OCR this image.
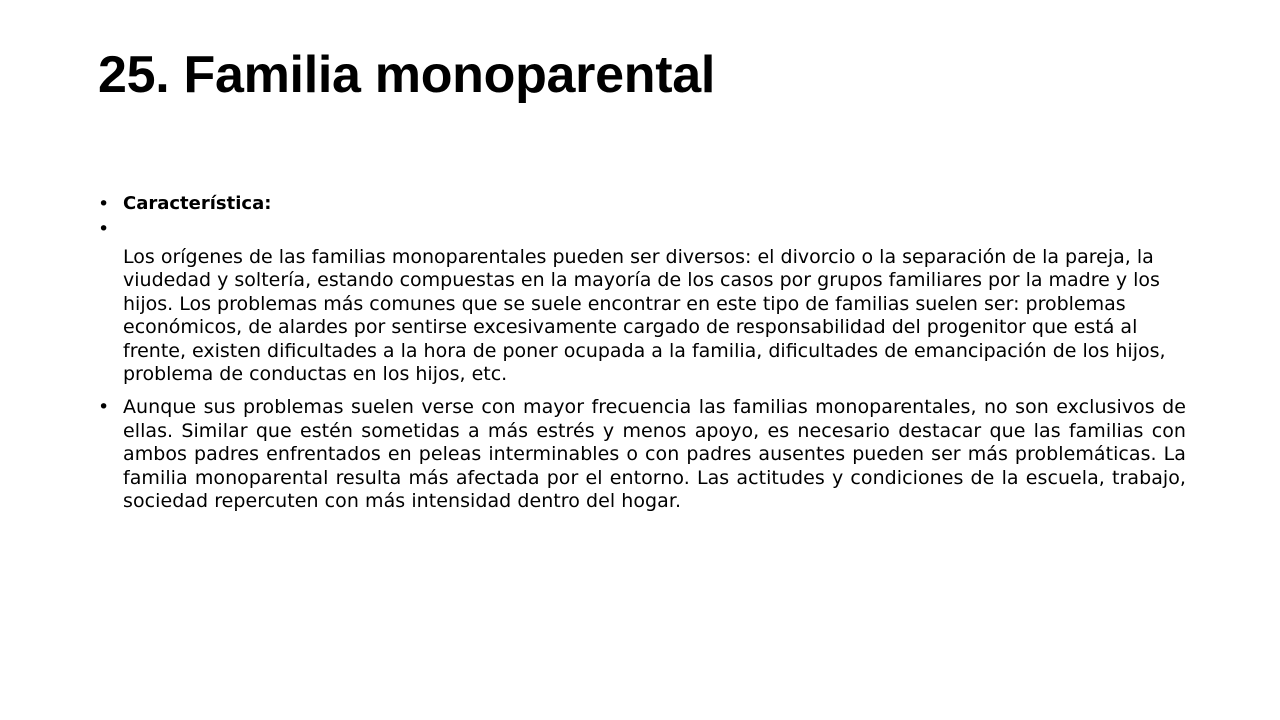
25. Familia monoparental
• Característica:
•
Los orígenes de las familias monoparentales pueden ser diversos: el divorcio o la separación de la pareja, la viudedad y soltería, estando compuestas en la mayoría de los casos por grupos familiares por la madre y los hijos. Los problemas más comunes que se suele encontrar en este tipo de familias suelen ser: problemas económicos, de alardes por sentirse excesivamente cargado de responsabilidad del progenitor que está al frente, existen dificultades a la hora de poner ocupada a la familia, dificultades de emancipación de los hijos, problema de conductas en los hijos, etc.
• Aunque sus problemas suelen verse con mayor frecuencia las familias monoparentales, no son exclusivos de ellas. Similar que estén sometidas a más estrés y menos apoyo, es necesario destacar que las familias con ambos padres enfrentados en peleas interminables o con padres ausentes pueden ser más problemáticas. La familia monoparental resulta más afectada por el entorno. Las actitudes y condiciones de la escuela, trabajo, sociedad repercuten con más intensidad dentro del hogar.
